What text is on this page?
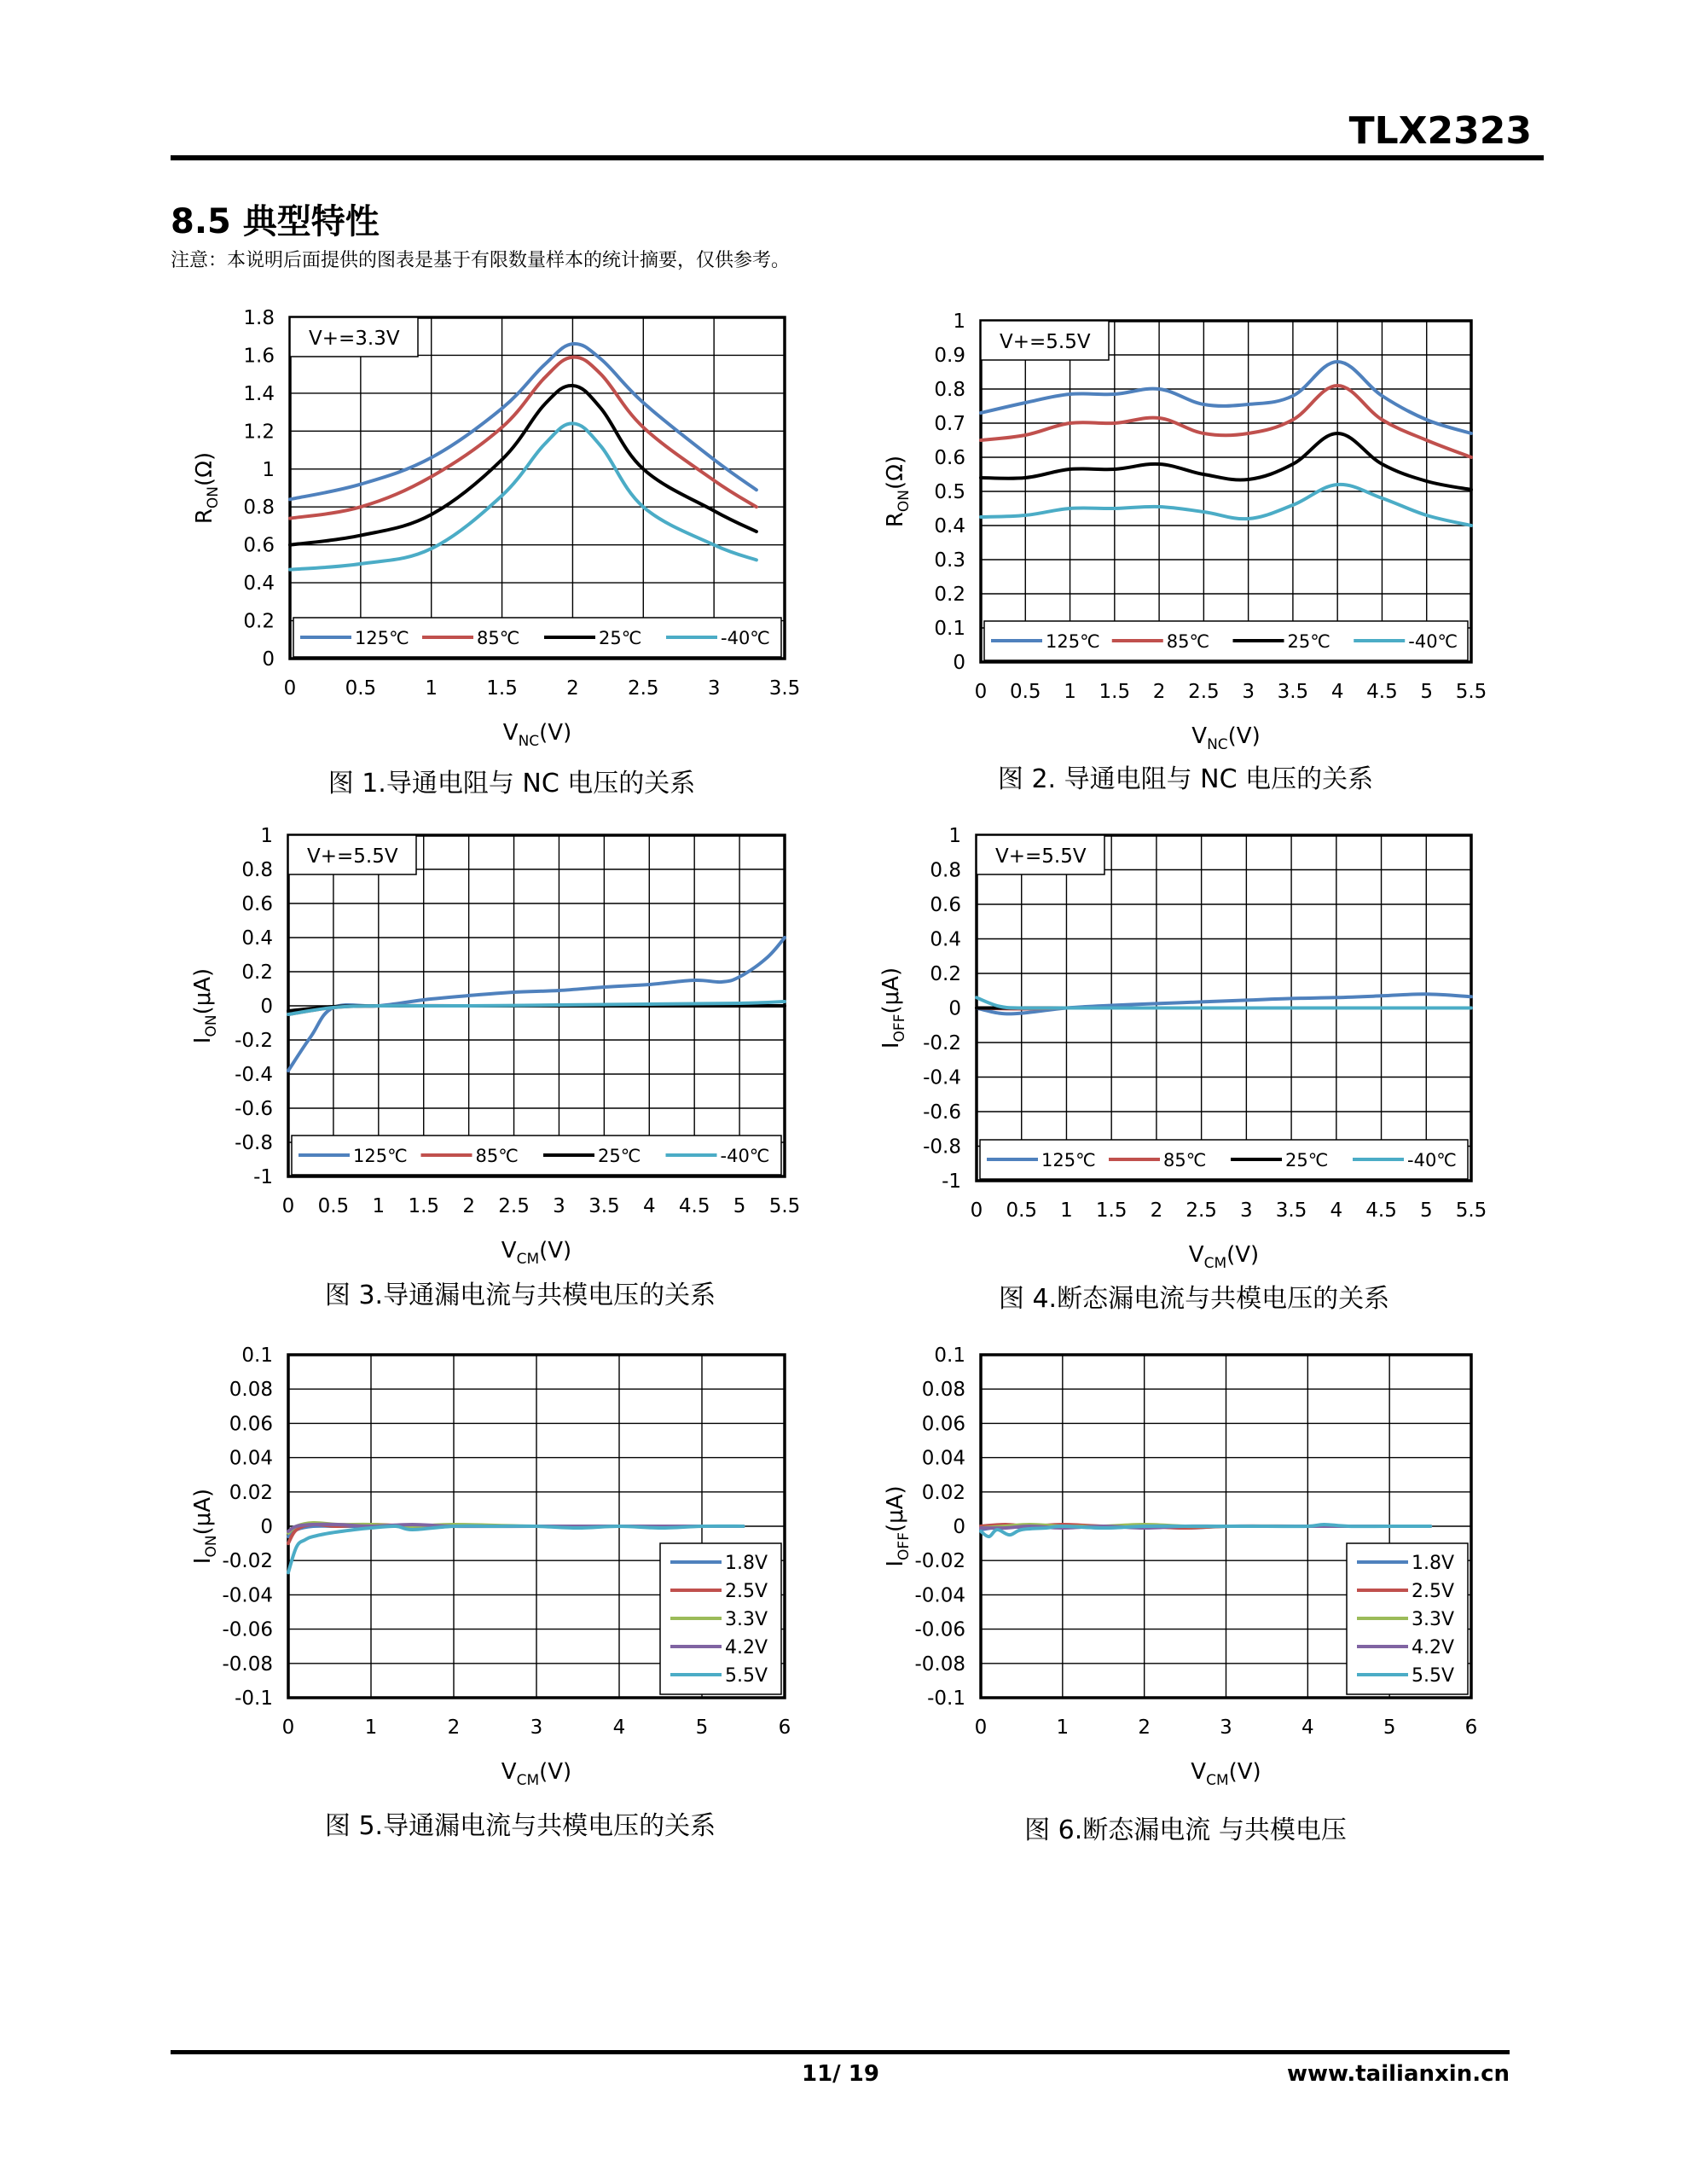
TLX2323
8.5 典型特性
注意：本说明后面提供的图表是基于有限数量样本的统计摘要，仅供参考。
0 0.5 1 1.5 2 2.5 3 3.5
0
0.2
0.4
0.6
0.8
1
1.2
1.4
1.6
1.8
$V_{NC}(V)$
$R_{ON}(\Omega)$
V+=3.3V
125℃	85℃	25℃	-40℃
0 0.5 1 1.5 2 2.5 3 3.5 4 4.5 5 5.5
0
0.1
0.2
0.3
0.4
0.5
0.6
0.7
0.8
0.9
1
$V_{NC}(V)$
$R_{ON}(\Omega)$
V+=5.5V
125℃	85℃	25℃	-40℃
0 0.5 1 1.5 2 2.5 3 3.5 4 4.5 5 5.5
-1
-0.8
-0.6
-0.4
-0.2
0
0.2
0.4
0.6
0.8
1
$V_{CM}(V)$
$I_{ON}(\mu A)$
V+=5.5V
125℃	85℃	25℃	-40℃
0 0.5 1 1.5 2 2.5 3 3.5 4 4.5 5 5.5
-1
-0.8
-0.6
-0.4
-0.2
0
0.2
0.4
0.6
0.8
1
$V_{CM}(V)$
$I_{OFF}(\mu A)$
V+=5.5V
125℃	85℃	25℃	-40℃
0	1	2	3	4	5	6
-0.1
-0.08
-0.06
-0.04
-0.02
0
0.02
0.04
0.06
0.08
0.1
$V_{CM}(V)$
$I_{ON}(\mu A)$
1.8V
2.5V
3.3V
4.2V
5.5V
0	1	2	3	4	5	6
-0.1
-0.08
-0.06
-0.04
-0.02
0
0.02
0.04
0.06
0.08
0.1
$V_{CM}(V)$
$I_{OFF}(\mu A)$
1.8V
2.5V
3.3V
4.2V
5.5V
图 1.导通电阻与 NC 电压的关系	图 2. 导通电阻与 NC 电压的关系
图 3.导通漏电流与共模电压的关系	图 4.断态漏电流与共模电压的关系
图 5.导通漏电流与共模电压的关系	图 6.断态漏电流 与共模电压
11/ 19	www.tailianxin.cn
